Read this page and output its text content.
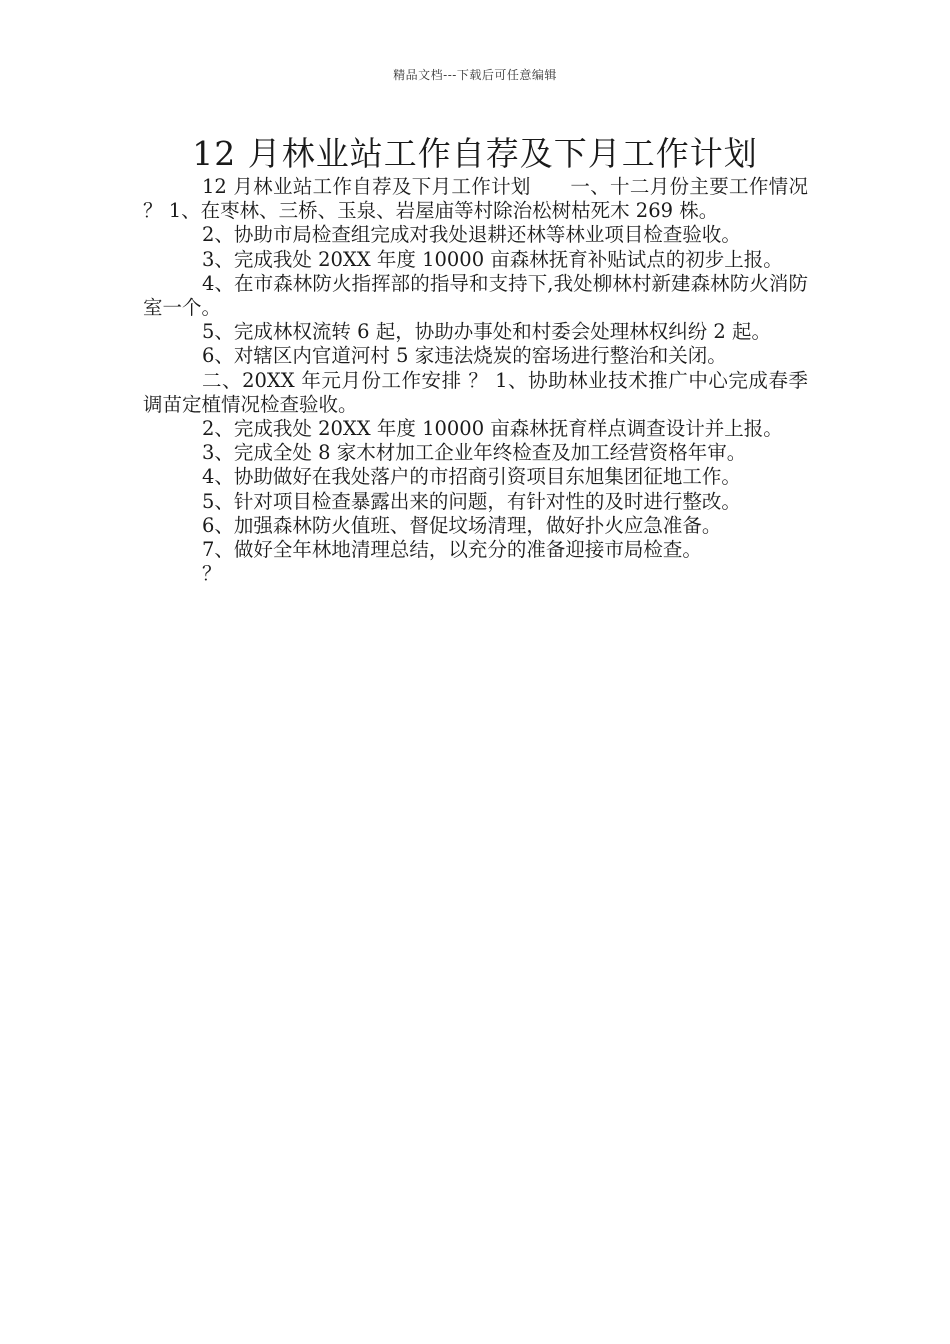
精品文档---下载后可任意编辑
12 月林业站工作自荐及下月工作计划

12 月林业站工作自荐及下月工作计划　　一、十二月份主要工作情况 ？ 1、在枣林、三桥、玉泉、岩屋庙等村除治松树枯死木 269 株。

2、协助市局检查组完成对我处退耕还林等林业项目检查验收。

3、完成我处 20XX 年度 10000 亩森林抚育补贴试点的初步上报。

4、在市森林防火指挥部的指导和支持下,我处柳林村新建森林防火消防室一个。

5、完成林权流转 6 起，协助办事处和村委会处理林权纠纷 2 起。

6、对辖区内官道河村 5 家违法烧炭的窑场进行整治和关闭。

二、20XX 年元月份工作安排 ？ 1、协助林业技术推广中心完成春季调苗定植情况检查验收。

2、完成我处 20XX 年度 10000 亩森林抚育样点调查设计并上报。

3、完成全处 8 家木材加工企业年终检查及加工经营资格年审。

4、协助做好在我处落户的市招商引资项目东旭集团征地工作。

5、针对项目检查暴露出来的问题，有针对性的及时进行整改。

6、加强森林防火值班、督促坟场清理，做好扑火应急准备。

7、做好全年林地清理总结，以充分的准备迎接市局检查。

？
